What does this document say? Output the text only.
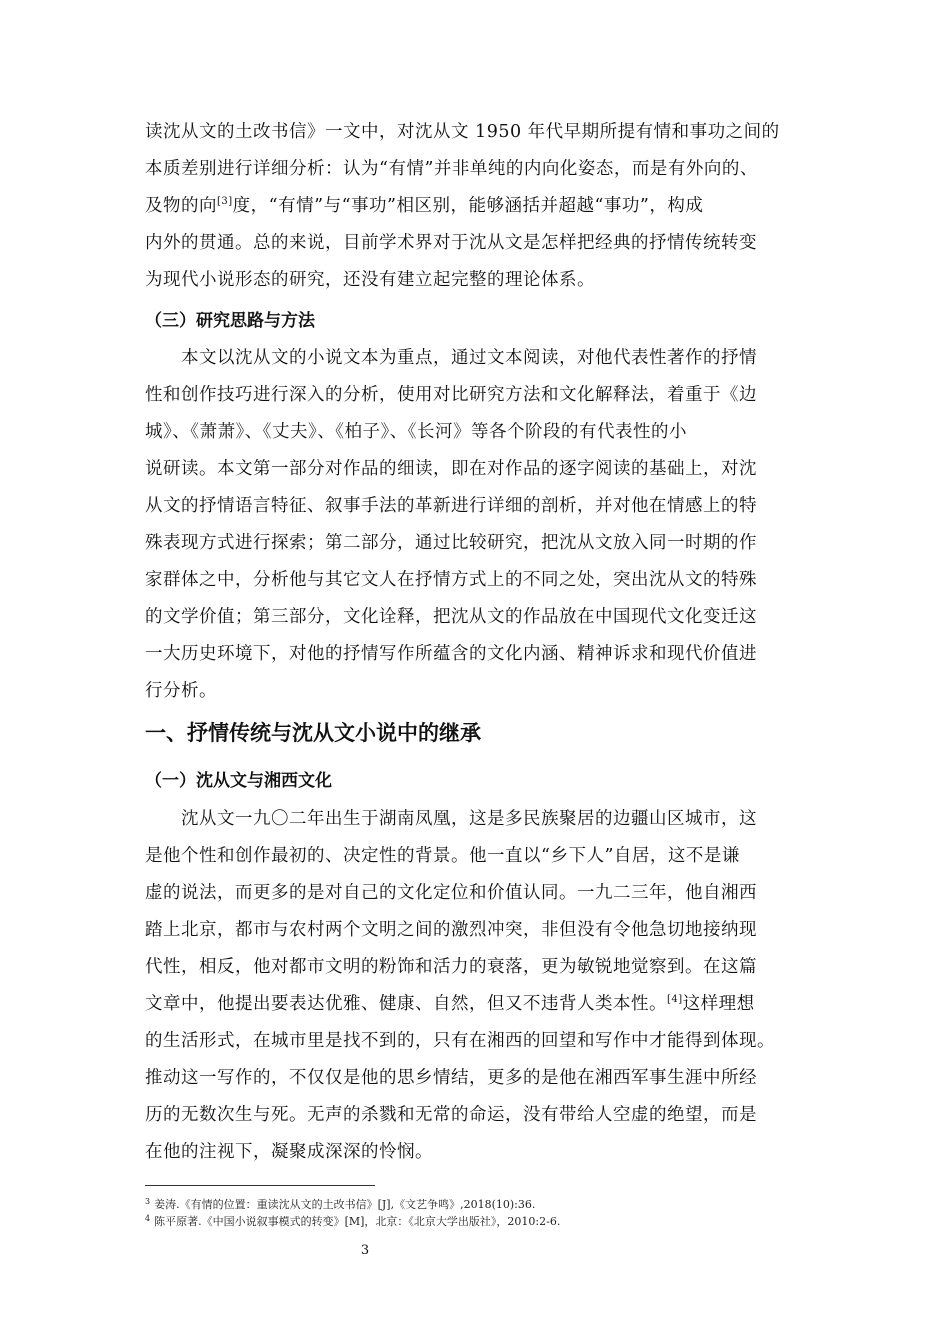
读沈从文的土改书信》一文中，对沈从文 1950 年代早期所提有情和事功之间的
本质差别进行详细分析：认为“有情”并非单纯的内向化姿态，而是有外向的、
及物的向[3]度，“有情”与“事功”相区别，能够涵括并超越“事功”，构成
内外的贯通。总的来说，目前学术界对于沈从文是怎样把经典的抒情传统转变
为现代小说形态的研究，还没有建立起完整的理论体系。
（三）研究思路与方法
本文以沈从文的小说文本为重点，通过文本阅读，对他代表性著作的抒情
性和创作技巧进行深入的分析，使用对比研究方法和文化解释法，着重于《边
城》、《萧萧》、《丈夫》、《柏子》、《长河》等各个阶段的有代表性的小
说研读。本文第一部分对作品的细读，即在对作品的逐字阅读的基础上，对沈
从文的抒情语言特征、叙事手法的革新进行详细的剖析，并对他在情感上的特
殊表现方式进行探索；第二部分，通过比较研究，把沈从文放入同一时期的作
家群体之中，分析他与其它文人在抒情方式上的不同之处，突出沈从文的特殊
的文学价值；第三部分，文化诠释，把沈从文的作品放在中国现代文化变迁这
一大历史环境下，对他的抒情写作所蕴含的文化内涵、精神诉求和现代价值进
行分析。
一、抒情传统与沈从文小说中的继承
（一）沈从文与湘西文化
沈从文一九〇二年出生于湖南凤凰，这是多民族聚居的边疆山区城市，这
是他个性和创作最初的、决定性的背景。他一直以“乡下人”自居，这不是谦
虚的说法，而更多的是对自己的文化定位和价值认同。一九二三年，他自湘西
踏上北京，都市与农村两个文明之间的激烈冲突，非但没有令他急切地接纳现
代性，相反，他对都市文明的粉饰和活力的衰落，更为敏锐地觉察到。在这篇
文章中，他提出要表达优雅、健康、自然，但又不违背人类本性。[4]这样理想
的生活形式，在城市里是找不到的，只有在湘西的回望和写作中才能得到体现。
推动这一写作的，不仅仅是他的思乡情结，更多的是他在湘西军事生涯中所经
历的无数次生与死。无声的杀戮和无常的命运，没有带给人空虚的绝望，而是
在他的注视下，凝聚成深深的怜悯。
$^3$ 姜涛.《有情的位置：重读沈从文的土改书信》[J],《文艺争鸣》,2018(10):36.
$^4$ 陈平原著.《中国小说叙事模式的转变》[M]，北京：《北京大学出版社》，2010:2-6.
3
